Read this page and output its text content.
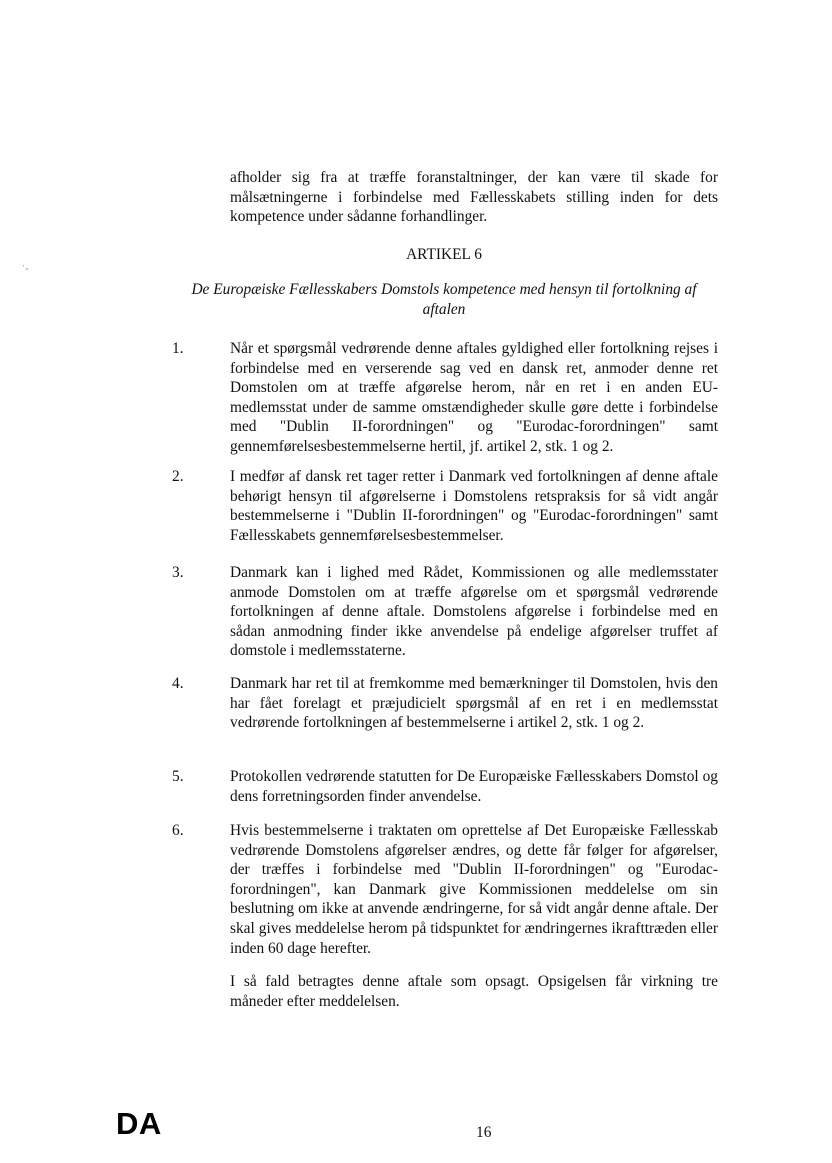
·‸

afholder sig fra at træffe foranstaltninger, der kan være til skade for målsætningerne i forbindelse med Fællesskabets stilling inden for dets kompetence under sådanne forhandlinger.

ARTIKEL 6
De Europæiske Fællesskabers Domstols kompetence med hensyn til fortolkning af aftalen
1.	Når et spørgsmål vedrørende denne aftales gyldighed eller fortolkning rejses i forbindelse med en verserende sag ved en dansk ret, anmoder denne ret Domstolen om at træffe afgørelse herom, når en ret i en anden EU-medlemsstat under de samme omstændigheder skulle gøre dette i forbindelse med "Dublin II-forordningen" og "Eurodac-forordningen" samt gennemførelsesbestemmelserne hertil, jf. artikel 2, stk. 1 og 2.

2.	I medfør af dansk ret tager retter i Danmark ved fortolkningen af denne aftale behørigt hensyn til afgørelserne i Domstolens retspraksis for så vidt angår bestemmelserne i "Dublin II-forordningen" og "Eurodac-forordningen" samt Fællesskabets gennemførelsesbestemmelser.

3.	Danmark kan i lighed med Rådet, Kommissionen og alle medlemsstater anmode Domstolen om at træffe afgørelse om et spørgsmål vedrørende fortolkningen af denne aftale. Domstolens afgørelse i forbindelse med en sådan anmodning finder ikke anvendelse på endelige afgørelser truffet af domstole i medlemsstaterne.

4.	Danmark har ret til at fremkomme med bemærkninger til Domstolen, hvis den har fået forelagt et præjudicielt spørgsmål af en ret i en medlemsstat vedrørende fortolkningen af bestemmelserne i artikel 2, stk. 1 og 2.

5.	Protokollen vedrørende statutten for De Europæiske Fællesskabers Domstol og dens forretningsorden finder anvendelse.

6.	Hvis bestemmelserne i traktaten om oprettelse af Det Europæiske Fællesskab vedrørende Domstolens afgørelser ændres, og dette får følger for afgørelser, der træffes i forbindelse med "Dublin II-forordningen" og "Eurodac-forordningen", kan Danmark give Kommissionen meddelelse om sin beslutning om ikke at anvende ændringerne, for så vidt angår denne aftale. Der skal gives meddelelse herom på tidspunktet for ændringernes ikrafttræden eller inden 60 dage herefter.

I så fald betragtes denne aftale som opsagt. Opsigelsen får virkning tre måneder efter meddelelsen.

DA	16
